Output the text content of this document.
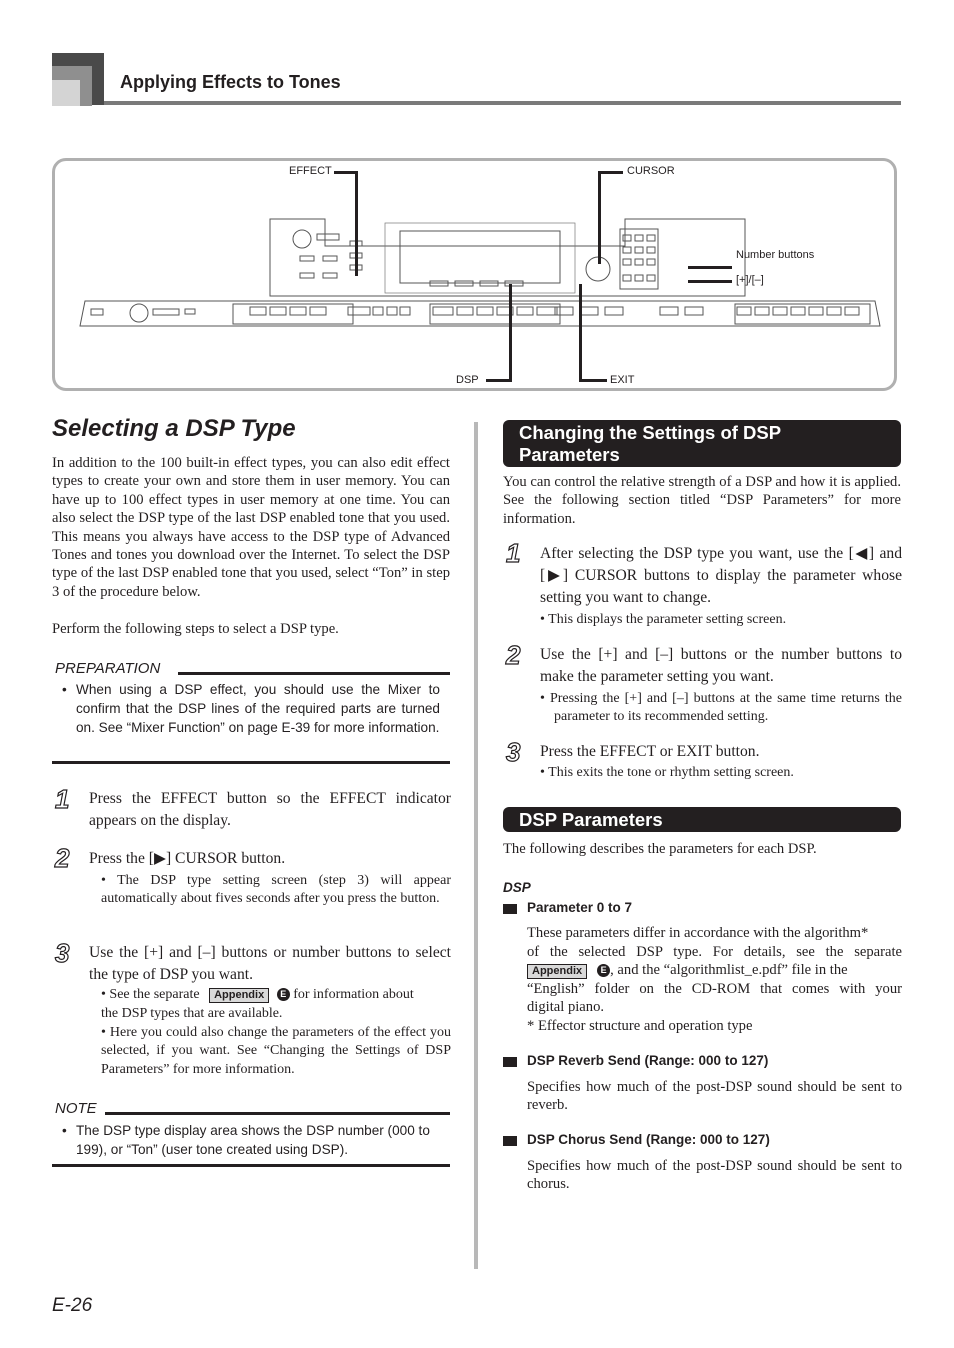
Applying Effects to Tones
EFFECT	CURSOR
Number buttons
[+]/[–]
DSP	EXIT
Selecting a DSP Type
In addition to the 100 built-in effect types, you can also edit effect types to create your own and store them in user memory. You can have up to 100 effect types in user memory at one time. You can also select the DSP type of the last DSP enabled tone that you used. This means you always have access to the DSP type of Advanced Tones and tones you download over the Internet. To select the DSP type of the last DSP enabled tone that you used, select “Ton” in step 3 of the procedure below.
Perform the following steps to select a DSP type.
PREPARATION
• When using a DSP effect, you should use the Mixer to confirm that the DSP lines of the required parts are turned on. See “Mixer Function” on page E-39 for more information.
1	Press the EFFECT button so the EFFECT indicator appears on the display.
2	Press the [▶] CURSOR button.
• The DSP type setting screen (step 3) will appear automatically about fives seconds after you press the button.
3	Use the [+] and [–] buttons or number buttons to select the type of DSP you want.
• See the separate Appendix E for information about
the DSP types that are available.
• Here you could also change the parameters of the effect you selected, if you want. See “Changing the Settings of DSP Parameters” for more information.
NOTE
• The DSP type display area shows the DSP number (000 to 199), or “Ton” (user tone created using DSP).
Changing the Settings of DSP
Parameters
You can control the relative strength of a DSP and how it is applied. See the following section titled “DSP Parameters” for more information.
1	After selecting the DSP type you want, use the [◀] and [▶] CURSOR buttons to display the parameter whose setting you want to change.
• This displays the parameter setting screen.
2	Use the [+] and [–] buttons or the number buttons to make the parameter setting you want.
• Pressing the [+] and [–] buttons at the same time returns the parameter to its recommended setting.
3	Press the EFFECT or EXIT button.
• This exits the tone or rhythm setting screen.
DSP Parameters
The following describes the parameters for each DSP.
DSP
Parameter 0 to 7
These parameters differ in accordance with the algorithm*
of the selected DSP type. For details, see the separate
Appendix E , and the “algorithmlist_e.pdf” file in the
“English” folder on the CD-ROM that comes with your
digital piano.
* Effector structure and operation type
DSP Reverb Send (Range: 000 to 127)
Specifies how much of the post-DSP sound should be sent to reverb.
DSP Chorus Send (Range: 000 to 127)
Specifies how much of the post-DSP sound should be sent to chorus.
E-26
